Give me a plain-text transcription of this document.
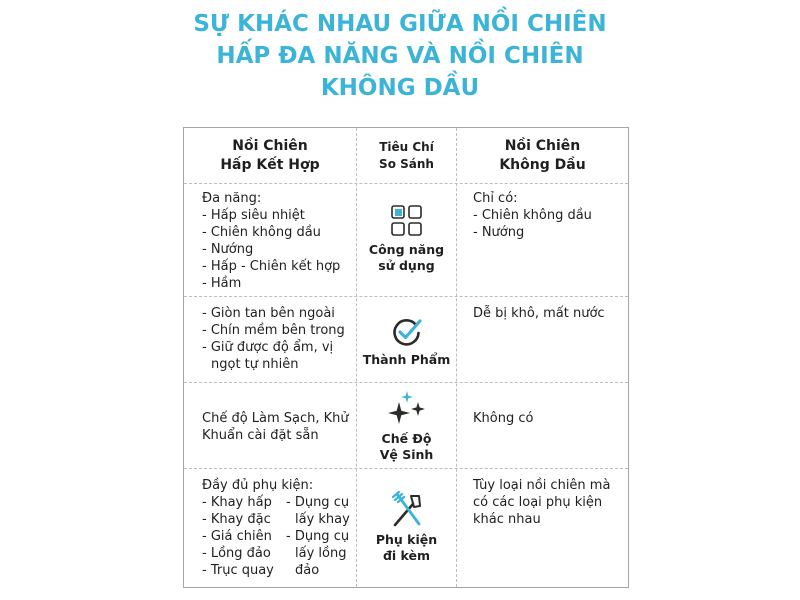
SỰ KHÁC NHAU GIỮA NỒI CHIÊN
HẤP ĐA NĂNG VÀ NỒI CHIÊN
KHÔNG DẦU
Nồi Chiên
Hấp Kết Hợp
Tiêu Chí
So Sánh
Nồi Chiên
Không Dầu
Đa năng:
- Hấp siêu nhiệt
- Chiên không dầu
- Nướng
- Hấp - Chiên kết hợp
- Hầm
Công năng
sử dụng
Chỉ có:
- Chiên không dầu
- Nướng
- Giòn tan bên ngoài
- Chín mềm bên trong
- Giữ được độ ẩm, vị
ngọt tự nhiên	Thành Phẩm
Dễ bị khô, mất nước
Chế độ Làm Sạch, Khử
Khuẩn cài đặt sẵn	Chế Độ
Vệ Sinh
Không có
Đầy đủ phụ kiện:
- Khay hấp
- Khay đặc
- Giá chiên
- Lồng đảo
- Trục quay
- Dụng cụ
lấy khay
- Dụng cụ
lấy lồng
đảo
Phụ kiện
đi kèm
Tùy loại nồi chiên mà
có các loại phụ kiện
khác nhau
